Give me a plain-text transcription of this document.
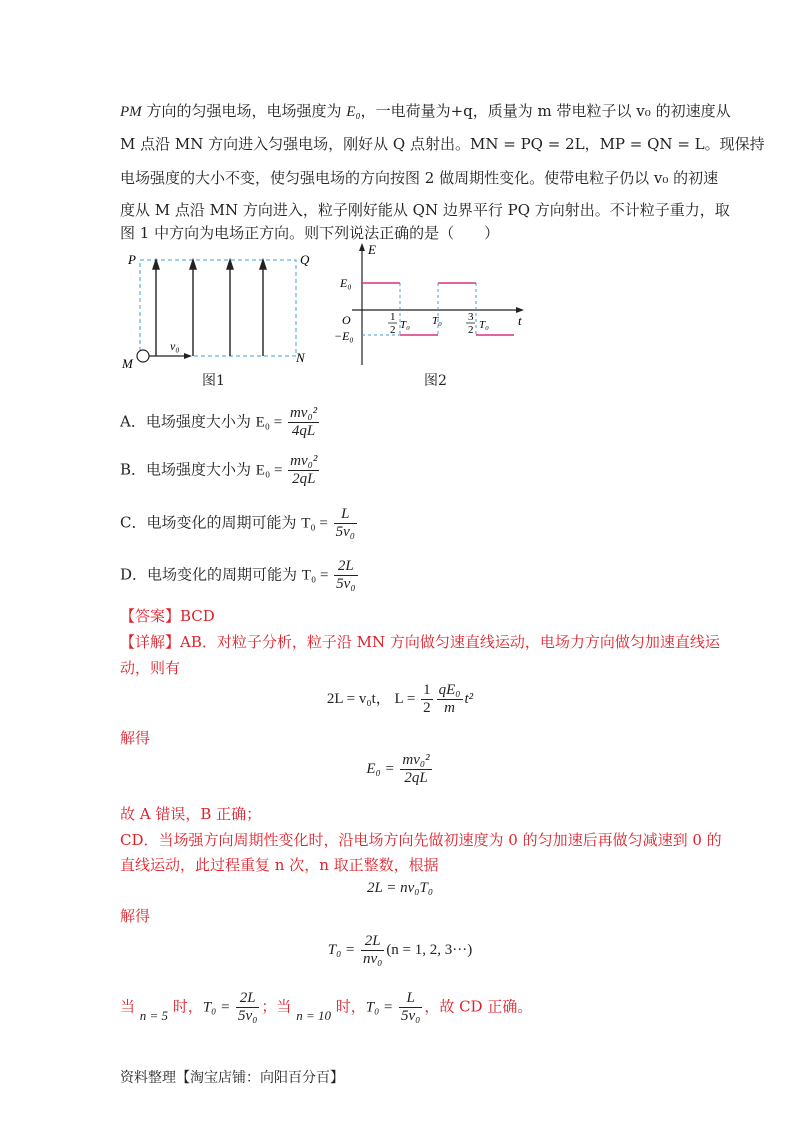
PM 方向的匀强电场，电场强度为 E₀，一电荷量为+q，质量为 m 带电粒子以 v₀ 的初速度从
M 点沿 MN 方向进入匀强电场，刚好从 Q 点射出。MN = PQ = 2L，MP = QN = L。现保持
电场强度的大小不变，使匀强电场的方向按图 2 做周期性变化。使带电粒子仍以 v₀ 的初速
度从 M 点沿 MN 方向进入，粒子刚好能从 QN 边界平行 PQ 方向射出。不计粒子重力，取
图 1 中方向为电场正方向。则下列说法正确的是（　　）
P	Q
M	N
v₀
图1
E
t
O
E₀
−E₀
1
2 T₀ T₀ 3
2 T₀
图2
A．电场强度大小为 $E_0 = \frac{\text{mv₀²}}{4qL}$
B．电场强度大小为 $E_0 = \frac{\text{mv₀²}}{2qL}$
C．电场变化的周期可能为 $T_0 = \frac{L}{\text{5v₀}}$
D．电场变化的周期可能为 $T_0 = \frac{2L}{\text{5v₀}}$
【答案】BCD
【详解】AB．对粒子分析，粒子沿 MN 方向做匀速直线运动，电场力方向做匀加速直线运
动，则有
2L = v₀t， $L = \frac{1}{2} \frac{\text{qE₀}}{m} t^2$
解得
$E_0 = \frac{\text{mv₀²}}{2qL}$
故 A 错误，B 正确；
CD．当场强方向周期性变化时，沿电场方向先做初速度为 0 的匀加速后再做匀减速到 0 的
直线运动，此过程重复 n 次，n 取正整数，根据
2L = nv₀T₀
解得
$T_0 = \frac{2L}{\text{nv₀}} (n = 1$, 2, 3···)
当 n = 5 时，$T_0 = \frac{2L}{\text{5v₀}}$ ；当 n = 10 时，$T_0 = \frac{L}{\text{5v₀}}$ ，故 CD 正确。
资料整理【淘宝店铺：向阳百分百】
